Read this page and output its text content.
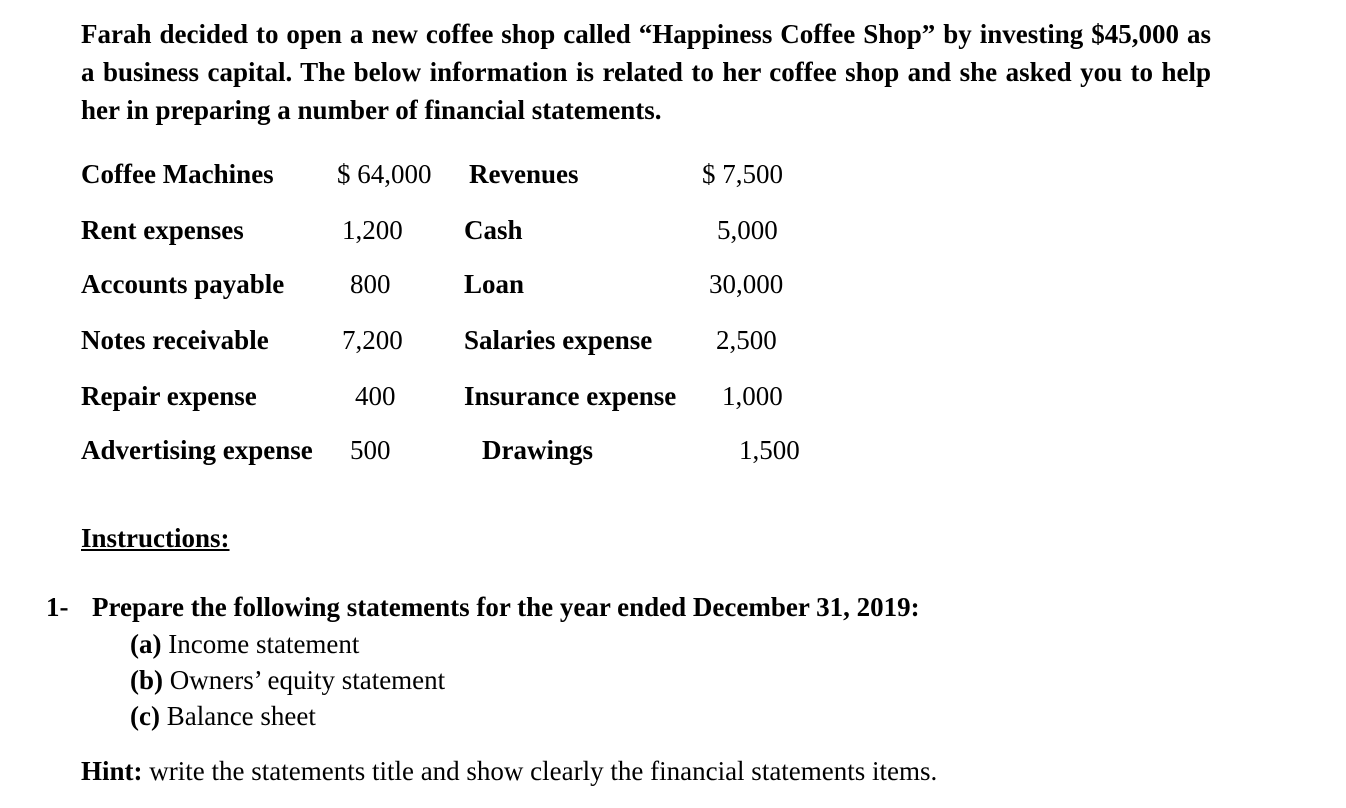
Farah decided to open a new coffee shop called “Happiness Coffee Shop” by investing $45,000 as a business capital. The below information is related to her coffee shop and she asked you to help her in preparing a number of financial statements.

Coffee Machines
Rent expenses
Accounts payable
Notes receivable
Repair expense
Advertising expense
$ 64,000
1,200
800
7,200
400
500
Revenues
Cash
Loan
Salaries expense
Insurance expense
Drawings
$ 7,500
5,000
30,000
2,500
1,000
1,500
Instructions:
1- Prepare the following statements for the year ended December 31, 2019:
(a) Income statement
(b) Owners’ equity statement
(c) Balance sheet
Hint: write the statements title and show clearly the financial statements items.
